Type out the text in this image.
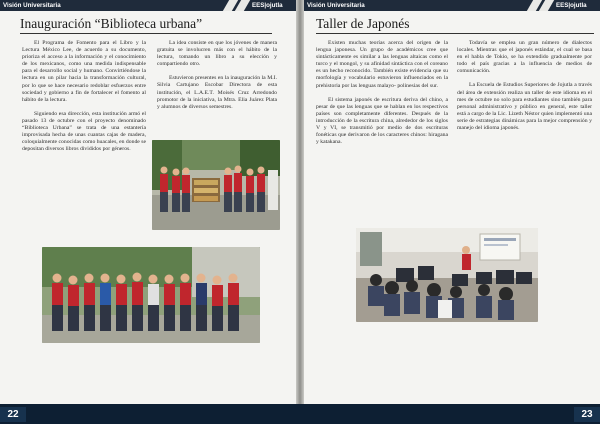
Visión Universitaria	EES|ojutla
Inauguración “Biblioteca urbana”

El Programa de Fomento para el Libro y la Lectura México Lee, de acuerdo a su documento, prioriza el acceso a la información y el conocimiento de los mexicanos, como una medida indispensable para el desarrollo social y humano. Convirtiéndose la lectura en un pilar hacia la transformación cultural, por lo que se hace necesario redoblar esfuerzos entre sociedad y gobierno a fin de fortalecer el fomento al hábito de la lectura.

Siguiendo esa dirección, esta institución armó el pasado 13 de octubre con el proyecto denominado “Biblioteca Urbana” se trata de una estantería improvisada hecha de unas cuantas cajas de madera, coloquialmente conocidas como huacales, en donde se depositan diversos libros divididos por géneros.

La idea consiste en que los jóvenes de manera gratuita se involucren más con el hábito de la lectura, tomando un libro a su elección y compartiendo otro.

Estuvieron presentes en la inauguración la M.I. Silvia Cartujano Escobar Directora de esta institución, el L.A.E.T. Moisés Cruz Arredondo promotor de la iniciativa, la Mtra. Elia Juárez Plata y alumnos de diversos semestres.

Visión Universitaria	EES|ojutla
Taller de Japonés

Existen muchas teorías acerca del origen de la lengua japonesa. Un grupo de académicos cree que sintácticamente es similar a las lenguas altaicas como el turco y el mongol, y su afinidad sintáctica con el coreano es un hecho reconocido. También existe evidencia que su morfología y vocabulario estuvieron influenciados en la prehistoria por las lenguas malayo- polinesias del sur.

El sistema japonés de escritura deriva del chino, a pesar de que las lenguas que se hablan en los respectivos países son completamente diferentes. Después de la introducción de la escritura china, alrededor de los siglos V y VI, se transmitió por medio de dos escrituras fonéticas que derivaron de los caracteres chinos: hiragana y katakana.

Todavía se emplea un gran número de dialectos locales. Mientras que el japonés estándar, el cual se basa en el habla de Tokio, se ha extendido gradualmente por todo el país gracias a la influencia de medios de comunicación.

La Escuela de Estudios Superiores de Jojutla a través del área de extensión realiza un taller de este idioma en el mes de octubre no solo para estudiantes sino también para personal administrativo y público en general, este taller está a cargo de la Lic. Lizeth Néstor quien implementó una serie de estrategias dinámicas para la mejor comprensión y manejo del idioma japonés.

22	23
